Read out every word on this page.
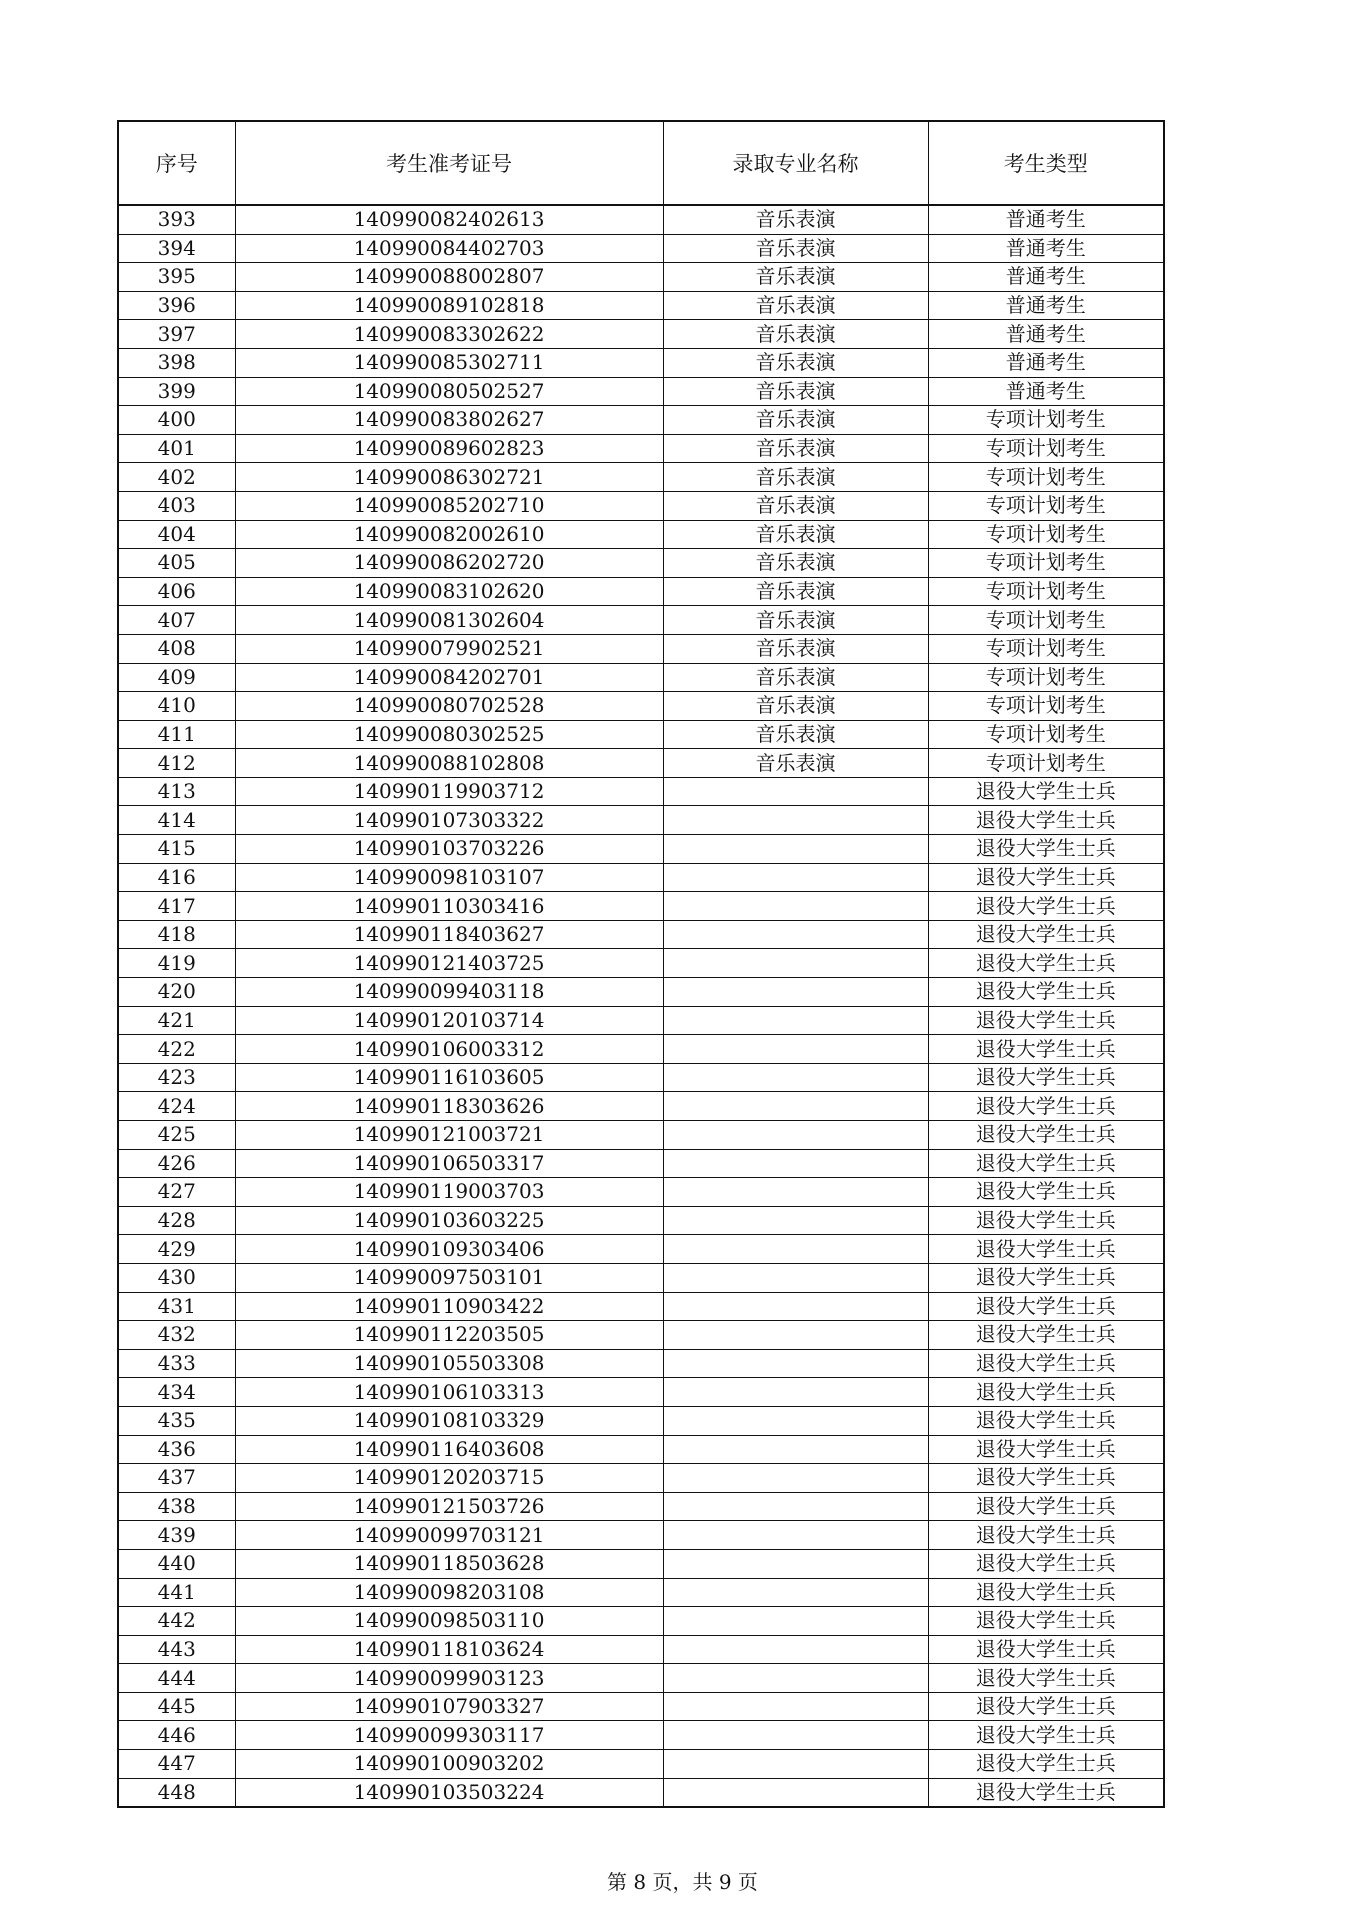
序号	考生准考证号	录取专业名称	考生类型
393	140990082402613	音乐表演	普通考生
394	140990084402703	音乐表演	普通考生
395	140990088002807	音乐表演	普通考生
396	140990089102818	音乐表演	普通考生
397	140990083302622	音乐表演	普通考生
398	140990085302711	音乐表演	普通考生
399	140990080502527	音乐表演	普通考生
400	140990083802627	音乐表演	专项计划考生
401	140990089602823	音乐表演	专项计划考生
402	140990086302721	音乐表演	专项计划考生
403	140990085202710	音乐表演	专项计划考生
404	140990082002610	音乐表演	专项计划考生
405	140990086202720	音乐表演	专项计划考生
406	140990083102620	音乐表演	专项计划考生
407	140990081302604	音乐表演	专项计划考生
408	140990079902521	音乐表演	专项计划考生
409	140990084202701	音乐表演	专项计划考生
410	140990080702528	音乐表演	专项计划考生
411	140990080302525	音乐表演	专项计划考生
412	140990088102808	音乐表演	专项计划考生
413	140990119903712		退役大学生士兵
414	140990107303322		退役大学生士兵
415	140990103703226		退役大学生士兵
416	140990098103107		退役大学生士兵
417	140990110303416		退役大学生士兵
418	140990118403627		退役大学生士兵
419	140990121403725		退役大学生士兵
420	140990099403118		退役大学生士兵
421	140990120103714		退役大学生士兵
422	140990106003312		退役大学生士兵
423	140990116103605		退役大学生士兵
424	140990118303626		退役大学生士兵
425	140990121003721		退役大学生士兵
426	140990106503317		退役大学生士兵
427	140990119003703		退役大学生士兵
428	140990103603225		退役大学生士兵
429	140990109303406		退役大学生士兵
430	140990097503101		退役大学生士兵
431	140990110903422		退役大学生士兵
432	140990112203505		退役大学生士兵
433	140990105503308		退役大学生士兵
434	140990106103313		退役大学生士兵
435	140990108103329		退役大学生士兵
436	140990116403608		退役大学生士兵
437	140990120203715		退役大学生士兵
438	140990121503726		退役大学生士兵
439	140990099703121		退役大学生士兵
440	140990118503628		退役大学生士兵
441	140990098203108		退役大学生士兵
442	140990098503110		退役大学生士兵
443	140990118103624		退役大学生士兵
444	140990099903123		退役大学生士兵
445	140990107903327		退役大学生士兵
446	140990099303117		退役大学生士兵
447	140990100903202		退役大学生士兵
448	140990103503224		退役大学生士兵
第 8 页，共 9 页
